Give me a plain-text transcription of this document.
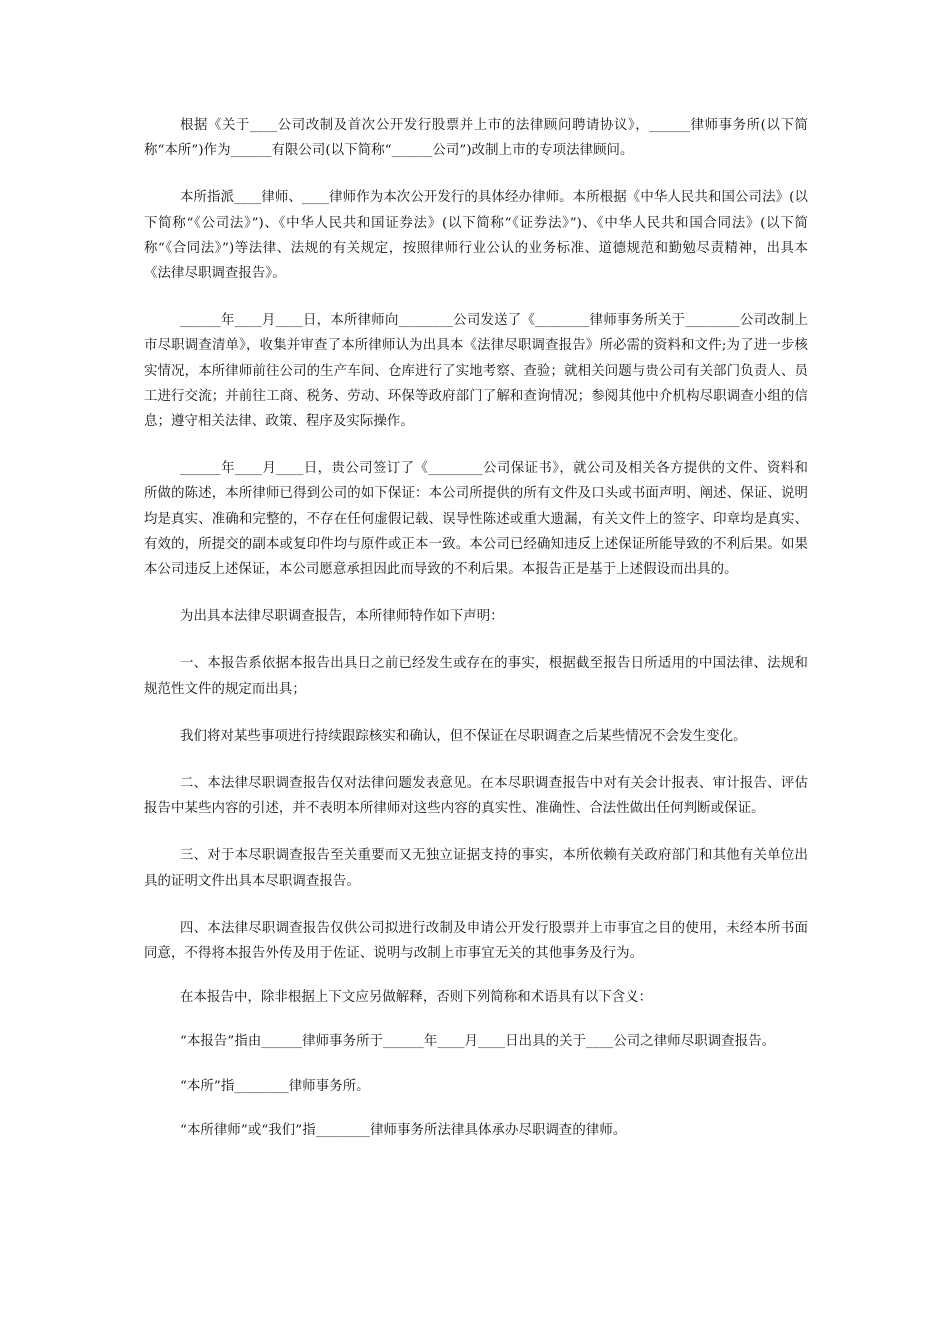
根据《关于____公司改制及首次公开发行股票并上市的法律顾问聘请协议》，______律师事务所(以下简称“本所”)作为______有限公司(以下简称“______公司”)改制上市的专项法律顾问。

本所指派____律师、____律师作为本次公开发行的具体经办律师。本所根据《中华人民共和国公司法》(以下简称“《公司法》”)、《中华人民共和国证券法》(以下简称“《证券法》”)、《中华人民共和国合同法》(以下简称“《合同法》”)等法律、法规的有关规定，按照律师行业公认的业务标准、道德规范和勤勉尽责精神，出具本《法律尽职调查报告》。

______年____月____日，本所律师向________公司发送了《________律师事务所关于________公司改制上市尽职调查清单》，收集并审查了本所律师认为出具本《法律尽职调查报告》所必需的资料和文件;为了进一步核实情况，本所律师前往公司的生产车间、仓库进行了实地考察、查验；就相关问题与贵公司有关部门负责人、员工进行交流；并前往工商、税务、劳动、环保等政府部门了解和查询情况；参阅其他中介机构尽职调查小组的信息；遵守相关法律、政策、程序及实际操作。

______年____月____日，贵公司签订了《________公司保证书》，就公司及相关各方提供的文件、资料和所做的陈述，本所律师已得到公司的如下保证：本公司所提供的所有文件及口头或书面声明、阐述、保证、说明均是真实、准确和完整的，不存在任何虚假记载、误导性陈述或重大遗漏，有关文件上的签字、印章均是真实、有效的，所提交的副本或复印件均与原件或正本一致。本公司已经确知违反上述保证所能导致的不利后果。如果本公司违反上述保证，本公司愿意承担因此而导致的不利后果。本报告正是基于上述假设而出具的。

为出具本法律尽职调查报告，本所律师特作如下声明：

一、本报告系依据本报告出具日之前已经发生或存在的事实，根据截至报告日所适用的中国法律、法规和规范性文件的规定而出具；

我们将对某些事项进行持续跟踪核实和确认，但不保证在尽职调查之后某些情况不会发生变化。

二、本法律尽职调查报告仅对法律问题发表意见。在本尽职调查报告中对有关会计报表、审计报告、评估报告中某些内容的引述，并不表明本所律师对这些内容的真实性、准确性、合法性做出任何判断或保证。

三、对于本尽职调查报告至关重要而又无独立证据支持的事实，本所依赖有关政府部门和其他有关单位出具的证明文件出具本尽职调查报告。

四、本法律尽职调查报告仅供公司拟进行改制及申请公开发行股票并上市事宜之目的使用，未经本所书面同意，不得将本报告外传及用于佐证、说明与改制上市事宜无关的其他事务及行为。

在本报告中，除非根据上下文应另做解释，否则下列简称和术语具有以下含义：

“本报告”指由______律师事务所于______年____月____日出具的关于____公司之律师尽职调查报告。

“本所”指________律师事务所。

“本所律师”或“我们”指________律师事务所法律具体承办尽职调查的律师。
